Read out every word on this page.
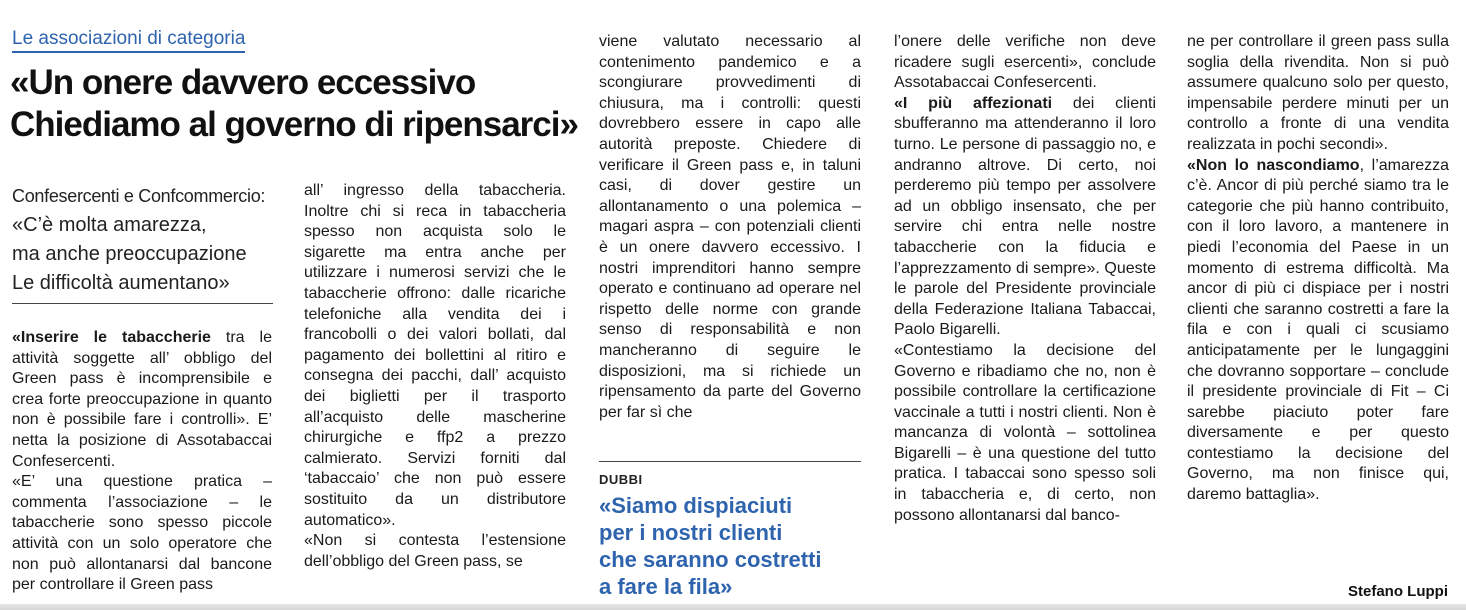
Le associazioni di categoria
«Un onere davvero eccessivo
Chiediamo al governo di ripensarci»
Confesercenti e Confcommercio:
«C’è molta amarezza,
ma anche preoccupazione
Le difficoltà aumentano»

«Inserire le tabaccherie tra le attività soggette all’ obbligo del Green pass è incomprensibile e crea forte preoccupazione in quanto non è possibile fare i controlli». E’ netta la posizione di Assotabaccai Confesercenti.

«E’ una questione pratica – commenta l’associazione – le tabaccherie sono spesso piccole attività con un solo operatore che non può allontanarsi dal bancone per controllare il Green pass

all’ ingresso della tabaccheria. Inoltre chi si reca in tabaccheria spesso non acquista solo le sigarette ma entra anche per utilizzare i numerosi servizi che le tabaccherie offrono: dalle ricariche telefoniche alla vendita dei i francobolli o dei valori bollati, dal pagamento dei bollettini al ritiro e consegna dei pacchi, dall’ acquisto dei biglietti per il trasporto all’acquisto delle mascherine chirurgiche e ffp2 a prezzo calmierato. Servizi forniti dal ‘tabaccaio’ che non può essere sostituito da un distributore automatico».

«Non si contesta l’estensione dell’obbligo del Green pass, se

viene valutato necessario al contenimento pandemico e a scongiurare provvedimenti di chiusura, ma i controlli: questi dovrebbero essere in capo alle autorità preposte. Chiedere di verificare il Green pass e, in taluni casi, di dover gestire un allontanamento o una polemica – magari aspra – con potenziali clienti è un onere davvero eccessivo. I nostri imprenditori hanno sempre operato e continuano ad operare nel rispetto delle norme con grande senso di responsabilità e non mancheranno di seguire le disposizioni, ma si richiede un ripensamento da parte del Governo per far sì che

DUBBI
«Siamo dispiaciuti
per i nostri clienti
che saranno costretti
a fare la fila»

l’onere delle verifiche non deve ricadere sugli esercenti», conclude Assotabaccai Confesercenti.

«I più affezionati dei clienti sbufferanno ma attenderanno il loro turno. Le persone di passaggio no, e andranno altrove. Di certo, noi perderemo più tempo per assolvere ad un obbligo insensato, che per servire chi entra nelle nostre tabaccherie con la fiducia e l’apprezzamento di sempre». Queste le parole del Presidente provinciale della Federazione Italiana Tabaccai, Paolo Bigarelli.

«Contestiamo la decisione del Governo e ribadiamo che no, non è possibile controllare la certificazione vaccinale a tutti i nostri clienti. Non è mancanza di volontà – sottolinea Bigarelli – è una questione del tutto pratica. I tabaccai sono spesso soli in tabaccheria e, di certo, non possono allontanarsi dal banco-

ne per controllare il green pass sulla soglia della rivendita. Non si può assumere qualcuno solo per questo, impensabile perdere minuti per un controllo a fronte di una vendita realizzata in pochi secondi».

«Non lo nascondiamo, l’amarezza c’è. Ancor di più perché siamo tra le categorie che più hanno contribuito, con il loro lavoro, a mantenere in piedi l’economia del Paese in un momento di estrema difficoltà. Ma ancor di più ci dispiace per i nostri clienti che saranno costretti a fare la fila e con i quali ci scusiamo anticipatamente per le lungaggini che dovranno sopportare – conclude il presidente provinciale di Fit – Ci sarebbe piaciuto poter fare diversamente e per questo contestiamo la decisione del Governo, ma non finisce qui, daremo battaglia».

Stefano Luppi
